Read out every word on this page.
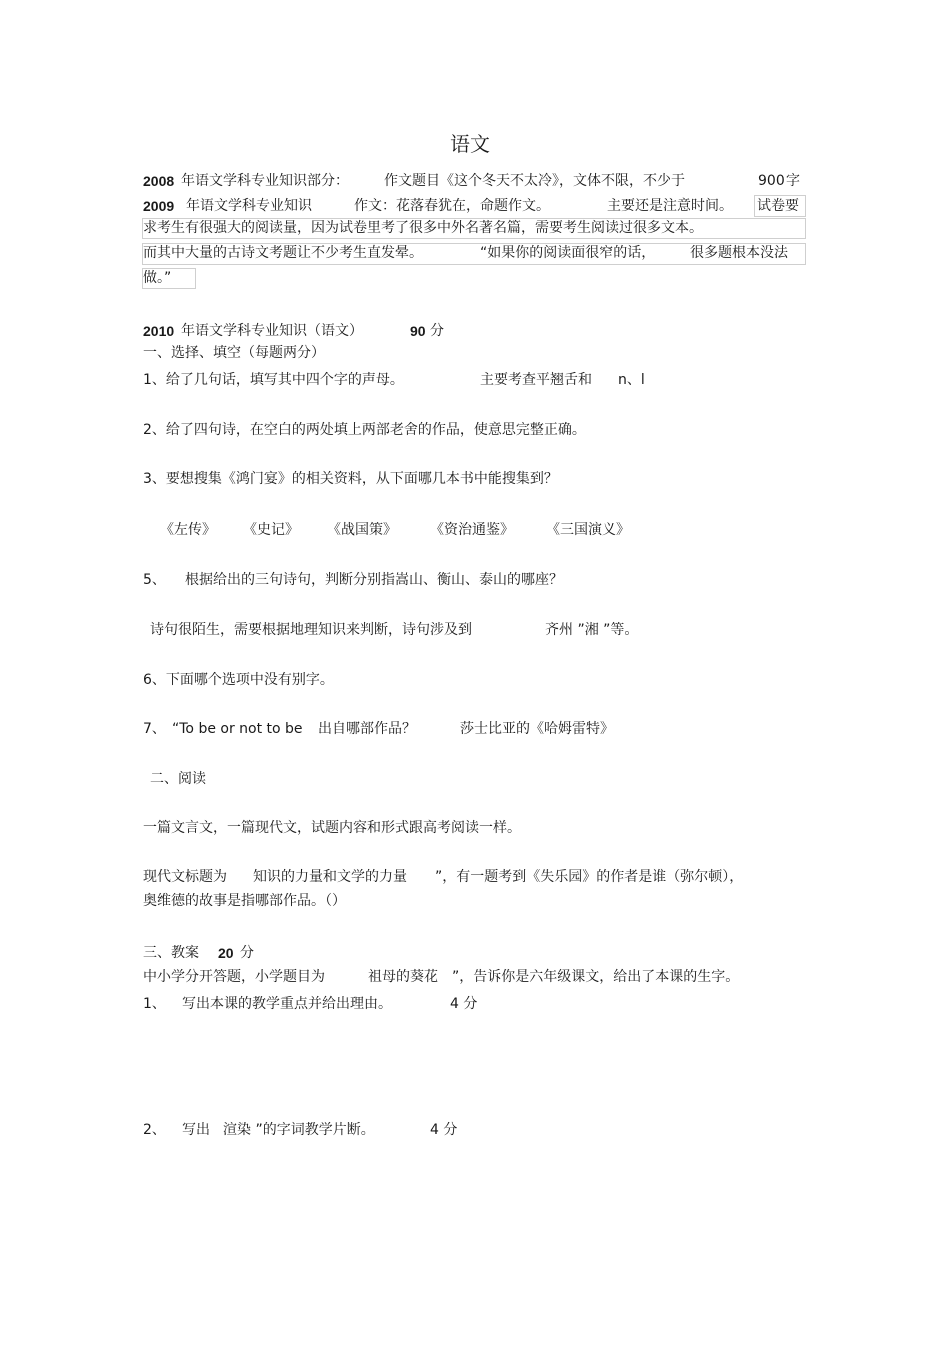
语文
2008 年语文学科专业知识部分：	作文题目《这个冬天不太冷》，文体不限，不少于	900 字
2009 年语文学科专业知识	作文：花落春犹在，命题作文。	主要还是注意时间。 试卷要
求考生有很强大的阅读量，因为试卷里考了很多中外名著名篇，需要考生阅读过很多文本。
而其中大量的古诗文考题让不少考生直发晕。	“如果你的阅读面很窄的话， 很多题根本没法
做。”
2010 年语文学科专业知识（语文）	90 分
一、选择、填空（每题两分）
1、给了几句话，填写其中四个字的声母。	主要考查平翘舌和 n、l
2、给了四句诗，在空白的两处填上两部老舍的作品，使意思完整正确。
3、要想搜集《鸿门宴》的相关资料，从下面哪几本书中能搜集到？
《左传》 《史记》 《战国策》 《资治通鉴》 《三国演义》
5、 根据给出的三句诗句，判断分别指嵩山、衡山、泰山的哪座？
诗句很陌生，需要根据地理知识来判断，诗句涉及到	齐州 ”湘 ”等。
6、下面哪个选项中没有别字。
7、 “To be or not to be 出自哪部作品？	莎士比亚的《哈姆雷特》
二、阅读
一篇文言文，一篇现代文，试题内容和形式跟高考阅读一样。
现代文标题为 知识的力量和文学的力量 ”，有一题考到《失乐园》的作者是谁（弥尔顿），
奥维德的故事是指哪部作品。（）
三、教案 20 分
中小学分开答题，小学题目为	祖母的葵花 ”，告诉你是六年级课文，给出了本课的生字。
1、 写出本课的教学重点并给出理由。	4 分
2、 写出 渲染 ”的字词教学片断。	4 分
